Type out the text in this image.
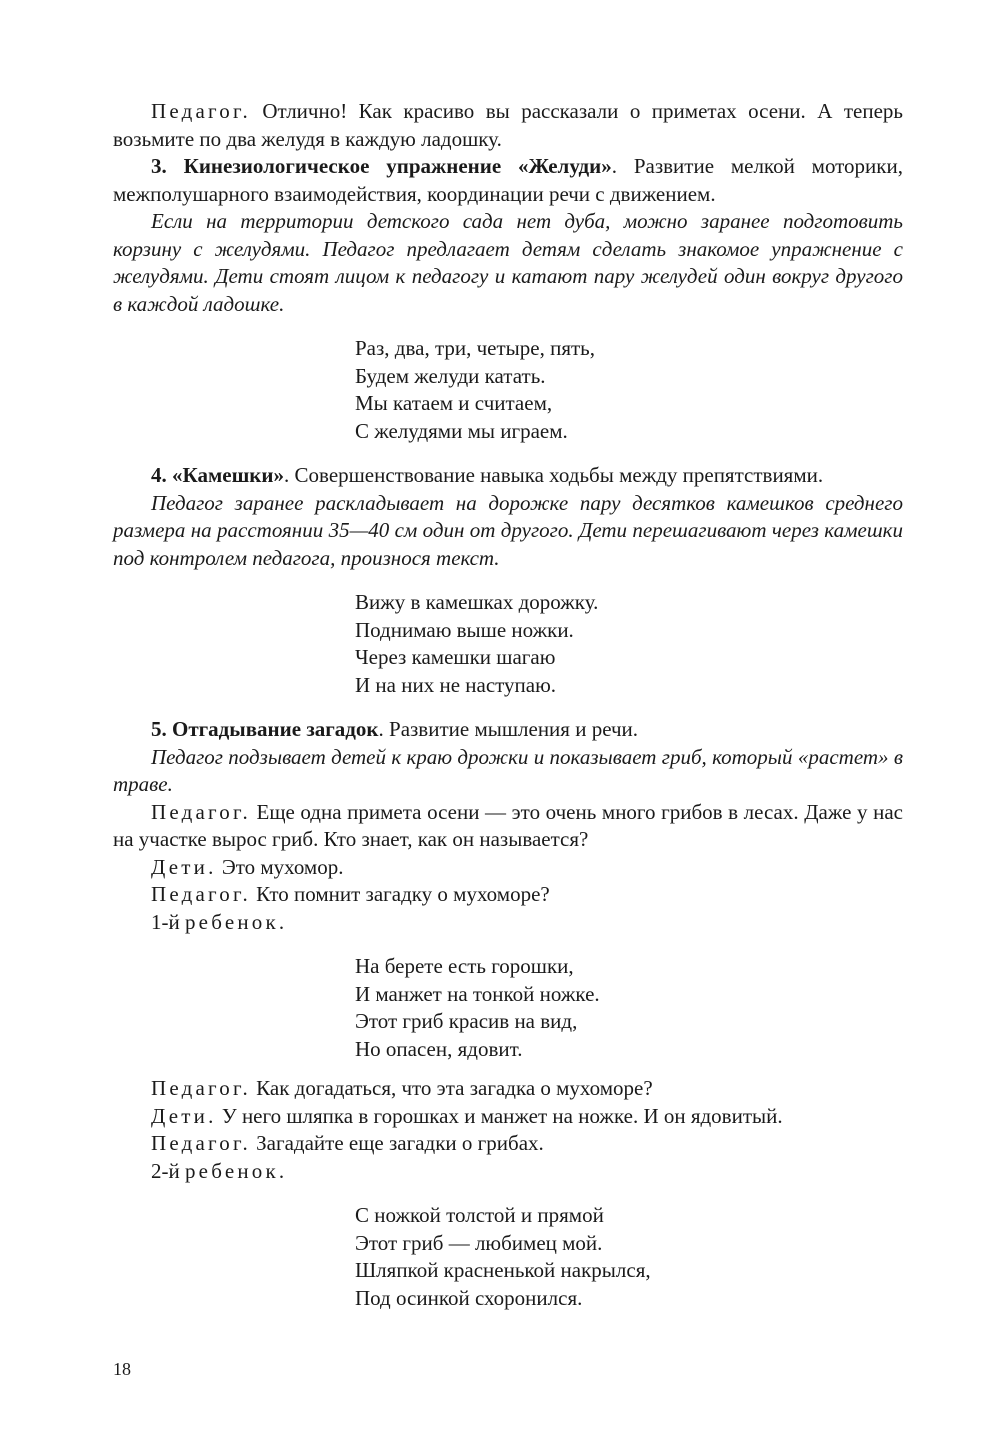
Педагог. Отлично! Как красиво вы рассказали о приметах осени. А теперь возьмите по два желудя в каждую ладошку.

3. Кинезиологическое упражнение «Желуди». Развитие мелкой моторики, межполушарного взаимодействия, координации речи с движением.

Если на территории детского сада нет дуба, можно заранее подготовить корзину с желудями. Педагог предлагает детям сделать знакомое упражнение с желудями. Дети стоят лицом к педагогу и катают пару желудей один вокруг другого в каждой ладошке.

Раз, два, три, четыре, пять,
Будем желуди катать.
Мы катаем и считаем,
С желудями мы играем.

4. «Камешки». Совершенствование навыка ходьбы между препятствиями.

Педагог заранее раскладывает на дорожке пару десятков камешков среднего размера на расстоянии 35—40 см один от другого. Дети перешагивают через камешки под контролем педагога, произнося текст.

Вижу в камешках дорожку.
Поднимаю выше ножки.
Через камешки шагаю
И на них не наступаю.

5. Отгадывание загадок. Развитие мышления и речи.

Педагог подзывает детей к краю дрожки и показывает гриб, который «растет» в траве.

Педагог. Еще одна примета осени — это очень много грибов в лесах. Даже у нас на участке вырос гриб. Кто знает, как он называется?

Дети. Это мухомор.

Педагог. Кто помнит загадку о мухоморе?

1-й ребенок.

На берете есть горошки,
И манжет на тонкой ножке.
Этот гриб красив на вид,
Но опасен, ядовит.

Педагог. Как догадаться, что эта загадка о мухоморе?

Дети. У него шляпка в горошках и манжет на ножке. И он ядовитый.

Педагог. Загадайте еще загадки о грибах.

2-й ребенок.

С ножкой толстой и прямой
Этот гриб — любимец мой.
Шляпкой красненькой накрылся,
Под осинкой схоронился.
18
